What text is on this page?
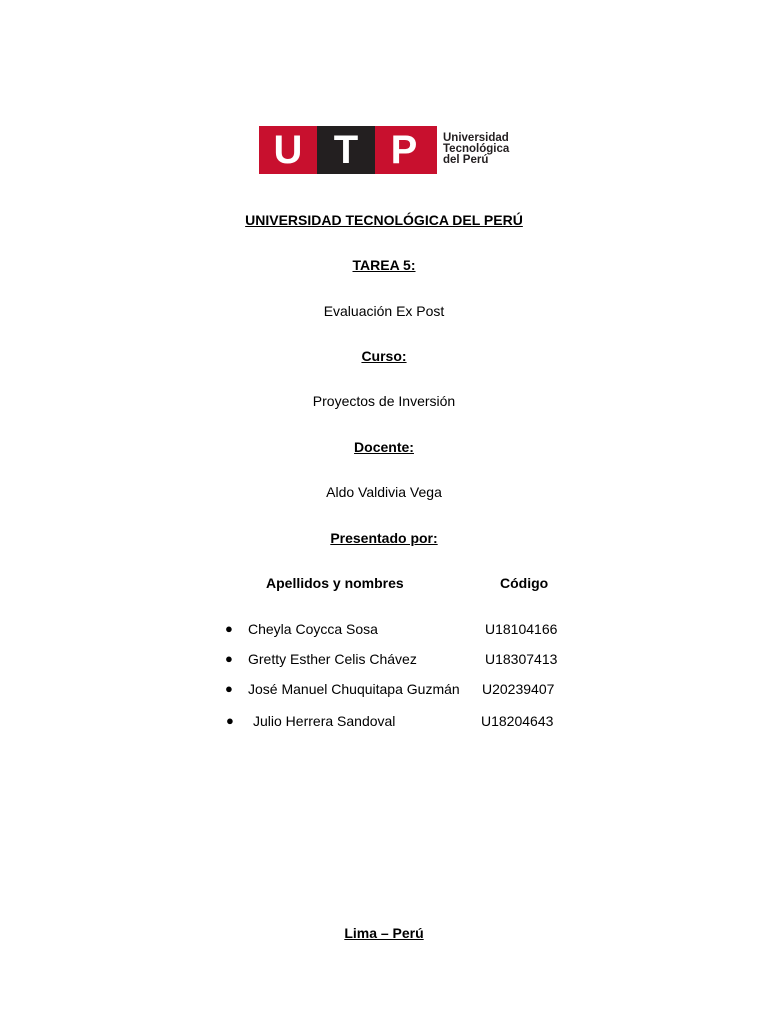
U T P	Universidad
Tecnológica
del Perú
UNIVERSIDAD TECNOLÓGICA DEL PERÚ
TAREA 5:
Evaluación Ex Post
Curso:
Proyectos de Inversión
Docente:
Aldo Valdivia Vega
Presentado por:
Apellidos y nombres	Código
● Cheyla Coycca Sosa	U18104166
● Gretty Esther Celis Chávez	U18307413
● José Manuel Chuquitapa Guzmán U20239407
● Julio Herrera Sandoval	U18204643
Lima – Perú
